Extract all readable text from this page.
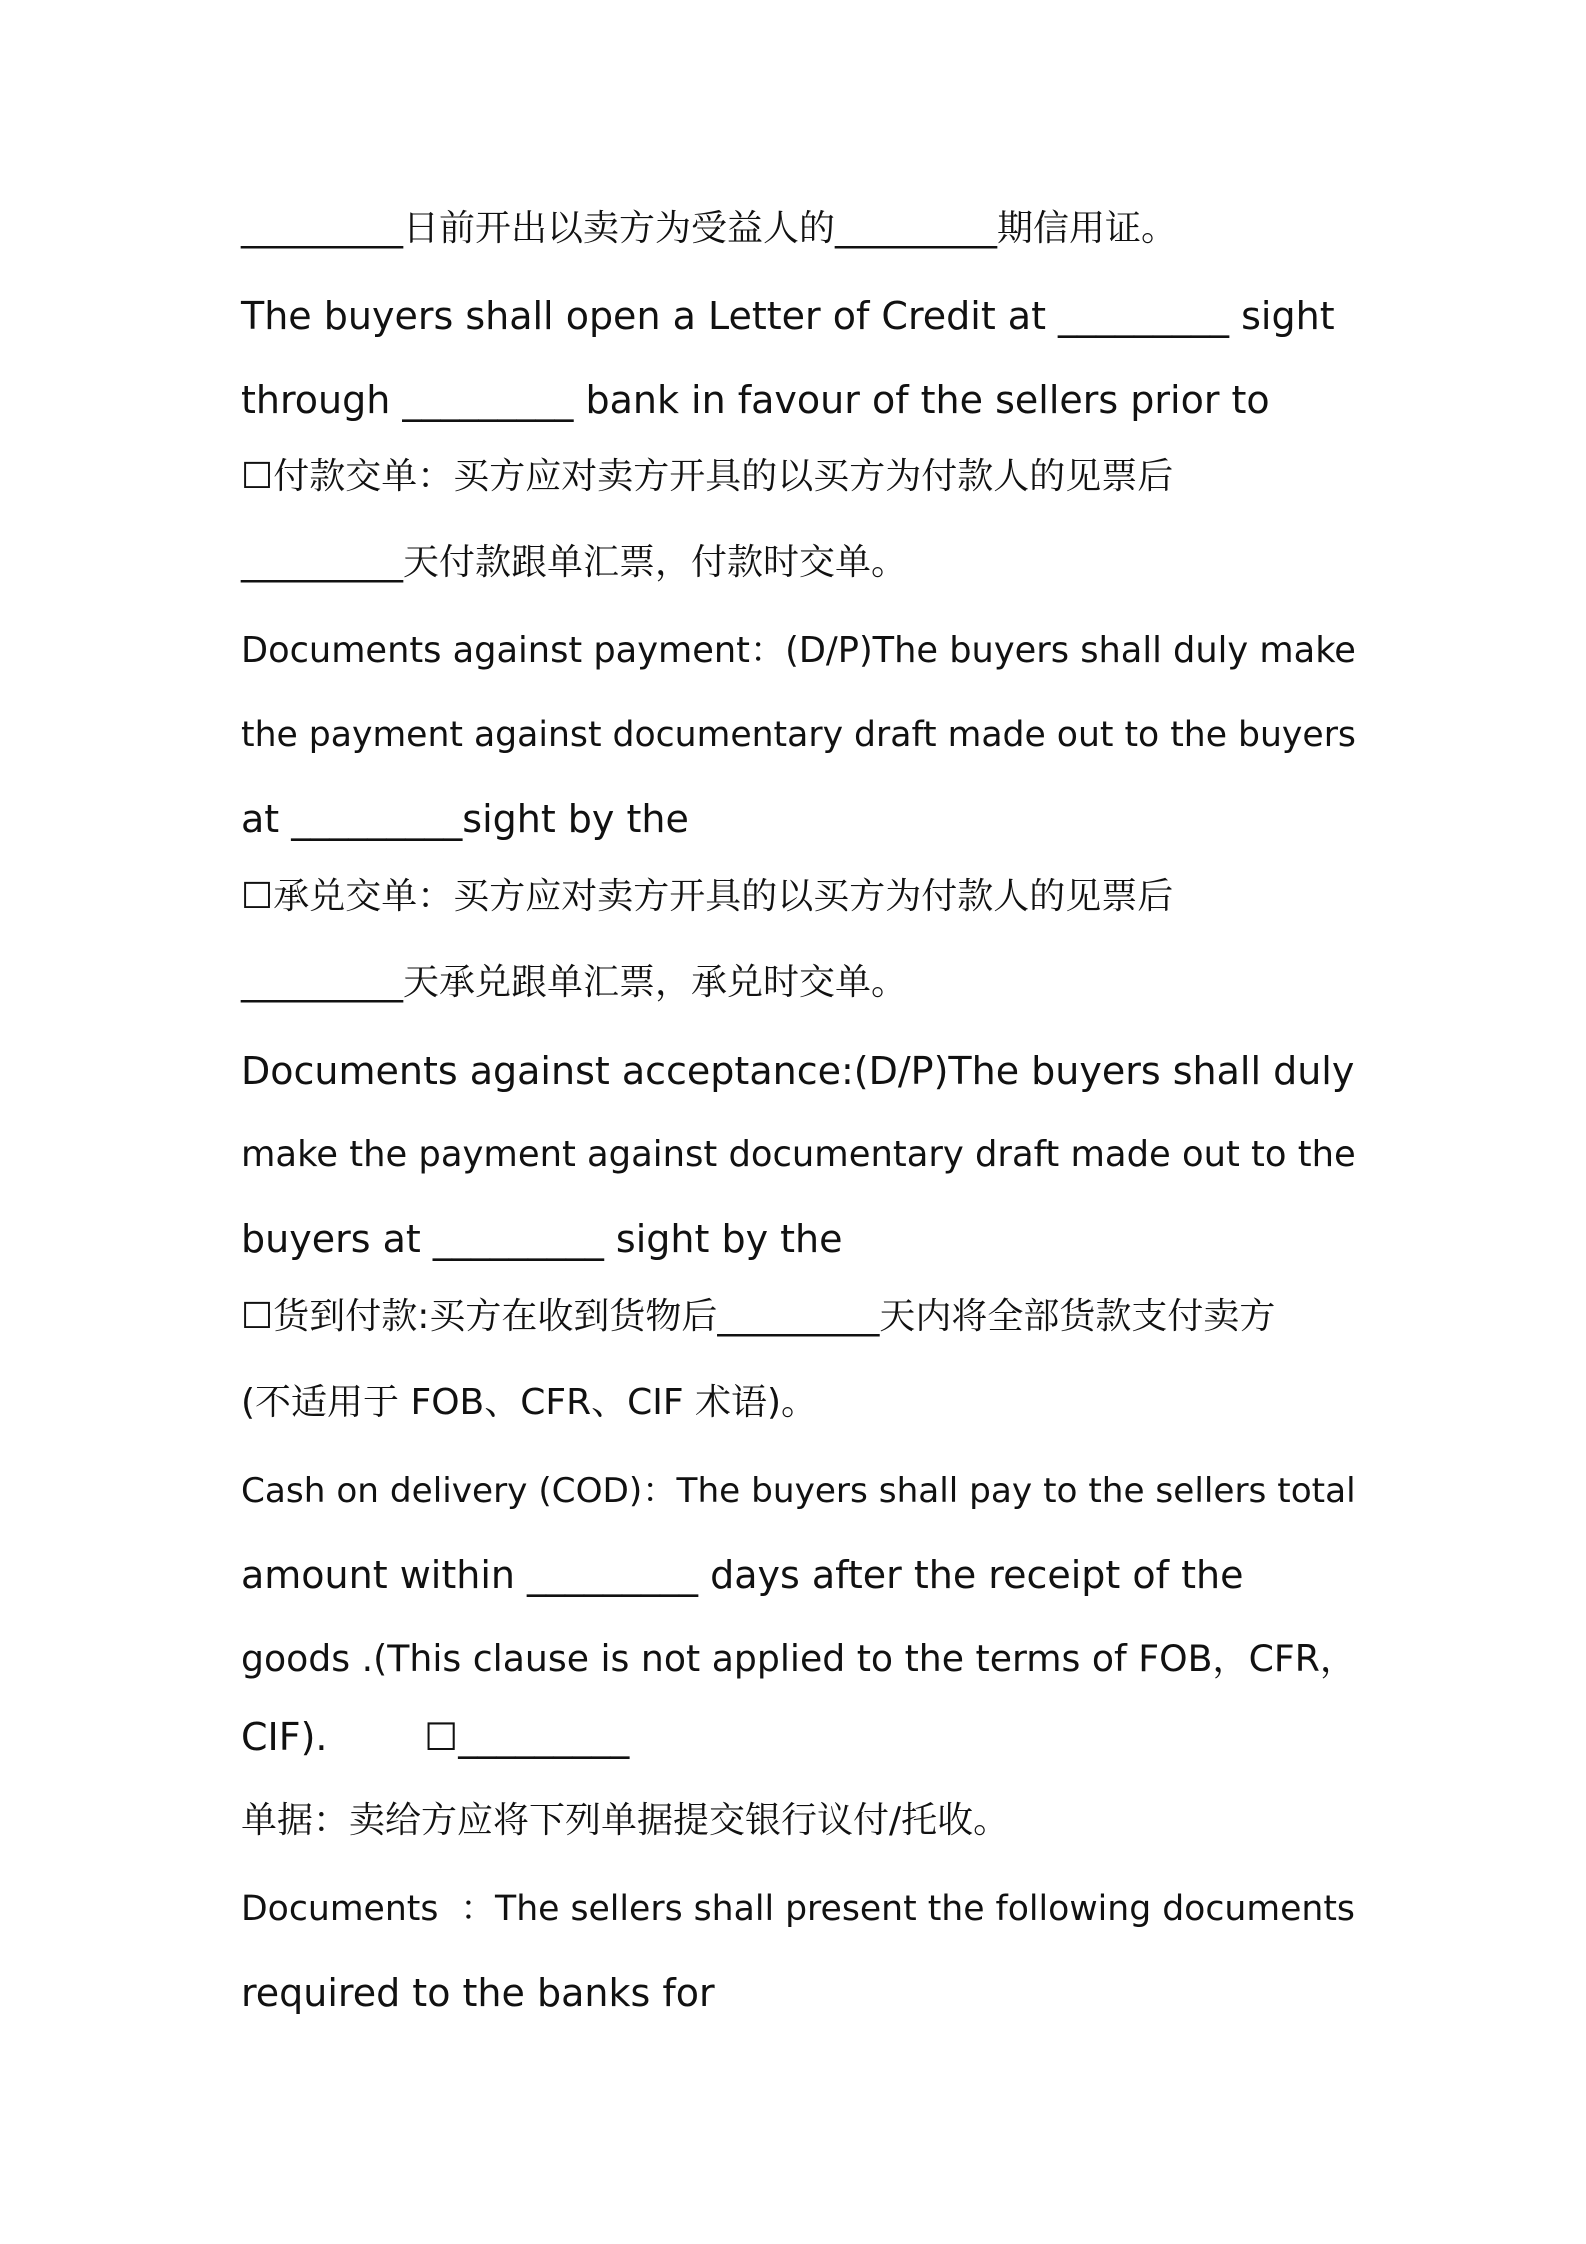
_________日前开出以卖方为受益人的_________期信用证。
The buyers shall open a Letter of Credit at _________ sight
through _________ bank in favour of the sellers prior to
☐付款交单：买方应对卖方开具的以买方为付款人的见票后
_________天付款跟单汇票，付款时交单。
Documents against payment：(D/P)The buyers shall duly make
the payment against documentary draft made out to the buyers
at _________sight by the
☐承兑交单：买方应对卖方开具的以买方为付款人的见票后
_________天承兑跟单汇票，承兑时交单。
Documents against acceptance:(D/P)The buyers shall duly
make the payment against documentary draft made out to the
buyers at _________ sight by the
☐货到付款:买方在收到货物后_________天内将全部货款支付卖方
(不适用于 FOB、CFR、CIF 术语)。
Cash on delivery (COD)：The buyers shall pay to the sellers total
amount within _________ days after the receipt of the
goods .(This clause is not applied to the terms of FOB，CFR，
CIF).        ☐_________
单据：卖给方应将下列单据提交银行议付/托收。
Documents  ：The sellers shall present the following documents
required to the banks for
